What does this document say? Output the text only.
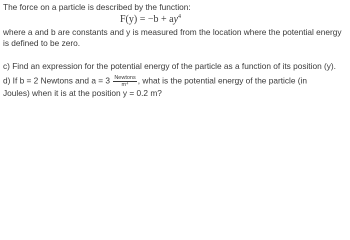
The force on a particle is described by the function:
$F(y) = -b + ay^4$
where a and b are constants and y is measured from the location where the potential energy
is defined to be zero.
c) Find an expression for the potential energy of the particle as a function of its position (y).
d) If b = 2 Newtons and $a = 3 \frac{\text{Newtons}}{\text{m⁴}}$ , what is the potential energy of the particle (in
Joules) when it is at the position y = 0.2 m?
